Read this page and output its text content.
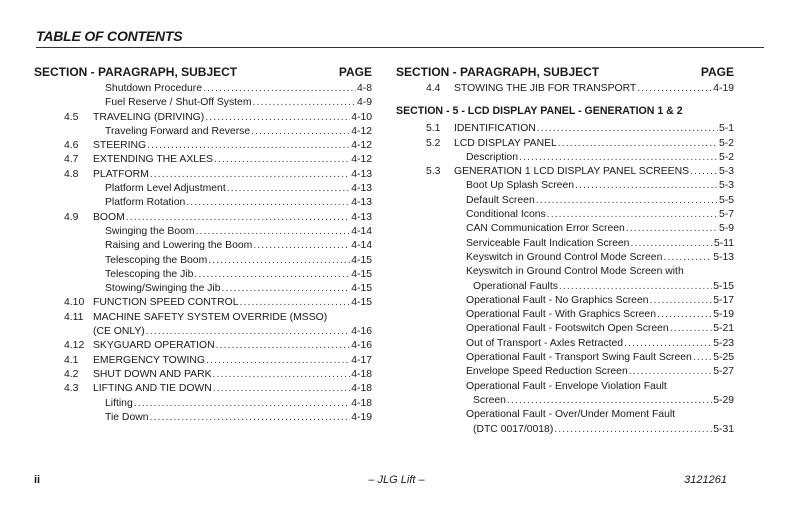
TABLE OF CONTENTS
SECTION - PARAGRAPH, SUBJECT	PAGE
Shutdown Procedure .....	4-8
Fuel Reserve / Shut-Off System .....	4-9
4.5 TRAVELING (DRIVING) .....	4-10
Traveling Forward and Reverse .....	4-12
4.6 STEERING .....	4-12
4.7 EXTENDING THE AXLES .....	4-12
4.8 PLATFORM .....	4-13
Platform Level Adjustment .....	4-13
Platform Rotation .....	4-13
4.9 BOOM .....	4-13
Swinging the Boom .....	4-14
Raising and Lowering the Boom .....	4-14
Telescoping the Boom .....	4-15
Telescoping the Jib .....	4-15
Stowing/Swinging the Jib .....	4-15
4.10 FUNCTION SPEED CONTROL .....	4-15
4.11 MACHINE SAFETY SYSTEM OVERRIDE (MSSO)
(CE ONLY) .....	4-16
4.12 SKYGUARD OPERATION .....	4-16
4.1 EMERGENCY TOWING .....	4-17
4.2 SHUT DOWN AND PARK .....	4-18
4.3 LIFTING AND TIE DOWN .....	4-18
Lifting .....	4-18
Tie Down .....	4-19
SECTION - PARAGRAPH, SUBJECT	PAGE
4.4 STOWING THE JIB FOR TRANSPORT .....	4-19
SECTION - 5 - LCD DISPLAY PANEL - GENERATION 1 & 2
5.1 IDENTIFICATION .....	5-1
5.2 LCD DISPLAY PANEL .....	5-2
Description .....	5-2
5.3 GENERATION 1 LCD DISPLAY PANEL SCREENS .....	5-3
Boot Up Splash Screen .....	5-3
Default Screen .....	5-5
Conditional Icons .....	5-7
CAN Communication Error Screen .....	5-9
Serviceable Fault Indication Screen .....	5-11
Keyswitch in Ground Control Mode Screen .....	5-13
Keyswitch in Ground Control Mode Screen with
Operational Faults .....	5-15
Operational Fault - No Graphics Screen .....	5-17
Operational Fault - With Graphics Screen .....	5-19
Operational Fault - Footswitch Open Screen .....	5-21
Out of Transport - Axles Retracted .....	5-23
Operational Fault - Transport Swing Fault Screen ..... 5-25
Envelope Speed Reduction Screen .....	5-27
Operational Fault - Envelope Violation Fault
Screen .....	5-29
Operational Fault - Over/Under Moment Fault
(DTC 0017/0018) .....	5-31
ii	– JLG Lift –	3121261
